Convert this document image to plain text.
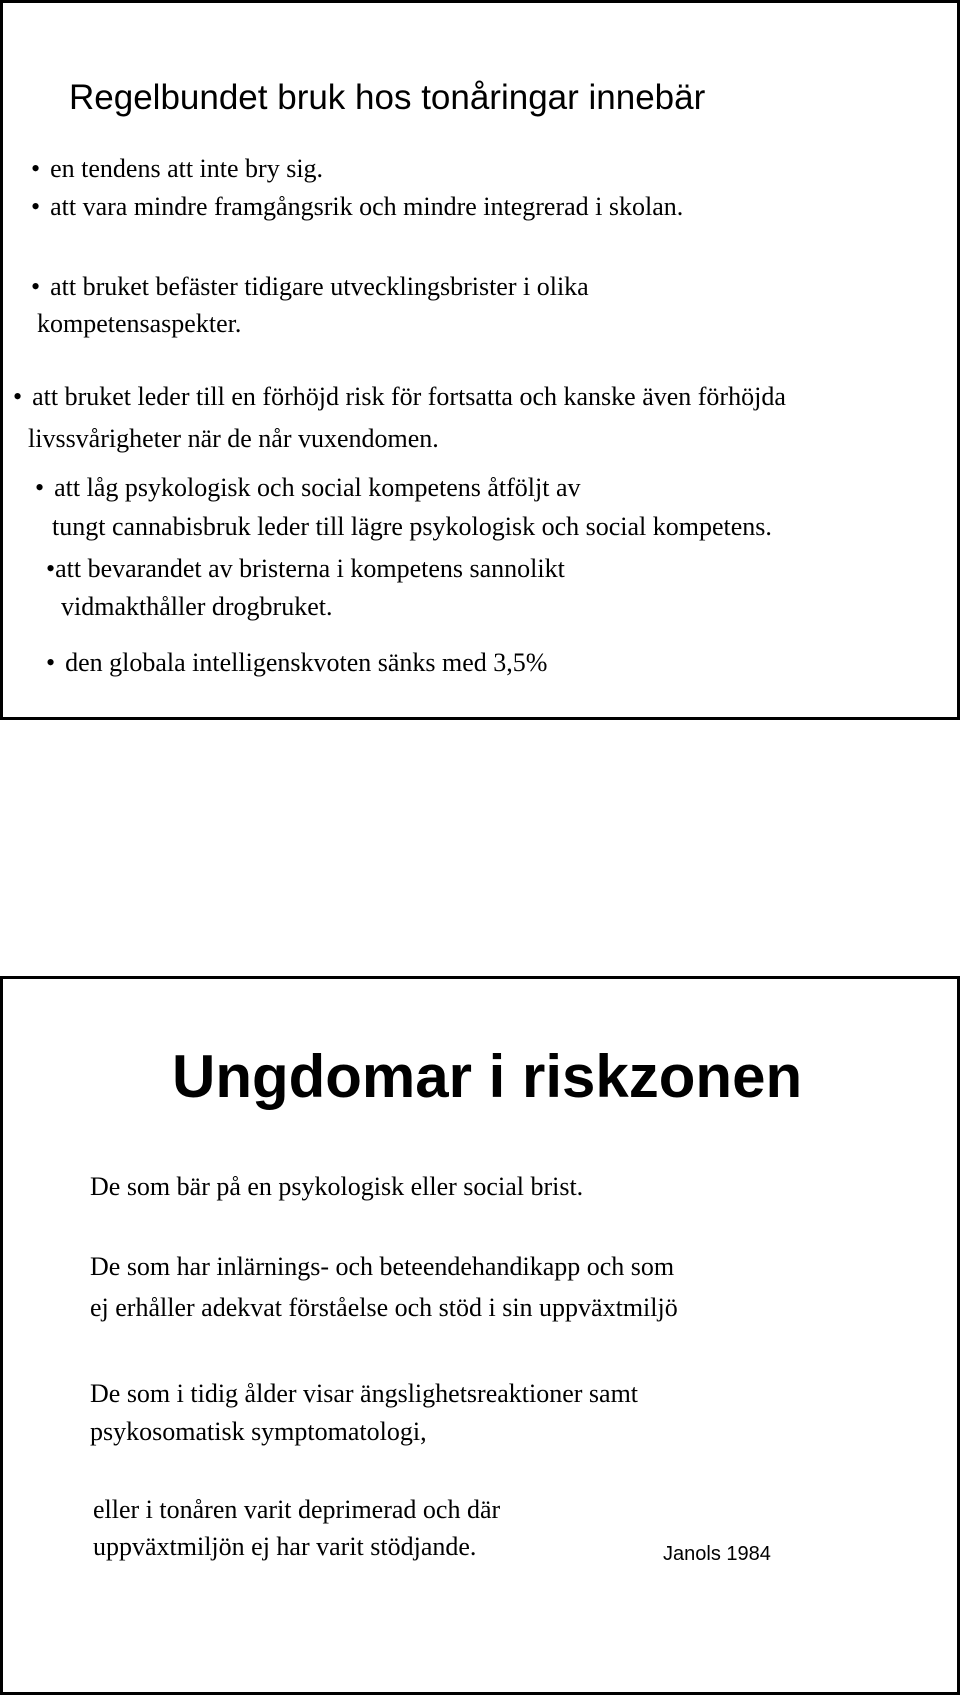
Regelbundet bruk hos tonåringar innebär
• en tendens att inte bry sig.
• att vara mindre framgångsrik och mindre integrerad i skolan.
• att bruket befäster tidigare utvecklingsbrister i olika
kompetensaspekter.
• att bruket leder till en förhöjd risk för fortsatta och kanske även förhöjda
livssvårigheter när de når vuxendomen.
• att låg psykologisk och social kompetens åtföljt av
tungt cannabisbruk leder till lägre psykologisk och social kompetens.
•att bevarandet av bristerna i kompetens sannolikt
vidmakthåller drogbruket.
• den globala intelligenskvoten sänks med 3,5%
Ungdomar i riskzonen
De som bär på en psykologisk eller social brist.
De som har inlärnings- och beteendehandikapp och som
ej erhåller adekvat förståelse och stöd i sin uppväxtmiljö
De som i tidig ålder visar ängslighetsreaktioner samt
psykosomatisk symptomatologi,
eller i tonåren varit deprimerad och där
uppväxtmiljön ej har varit stödjande.	Janols 1984
